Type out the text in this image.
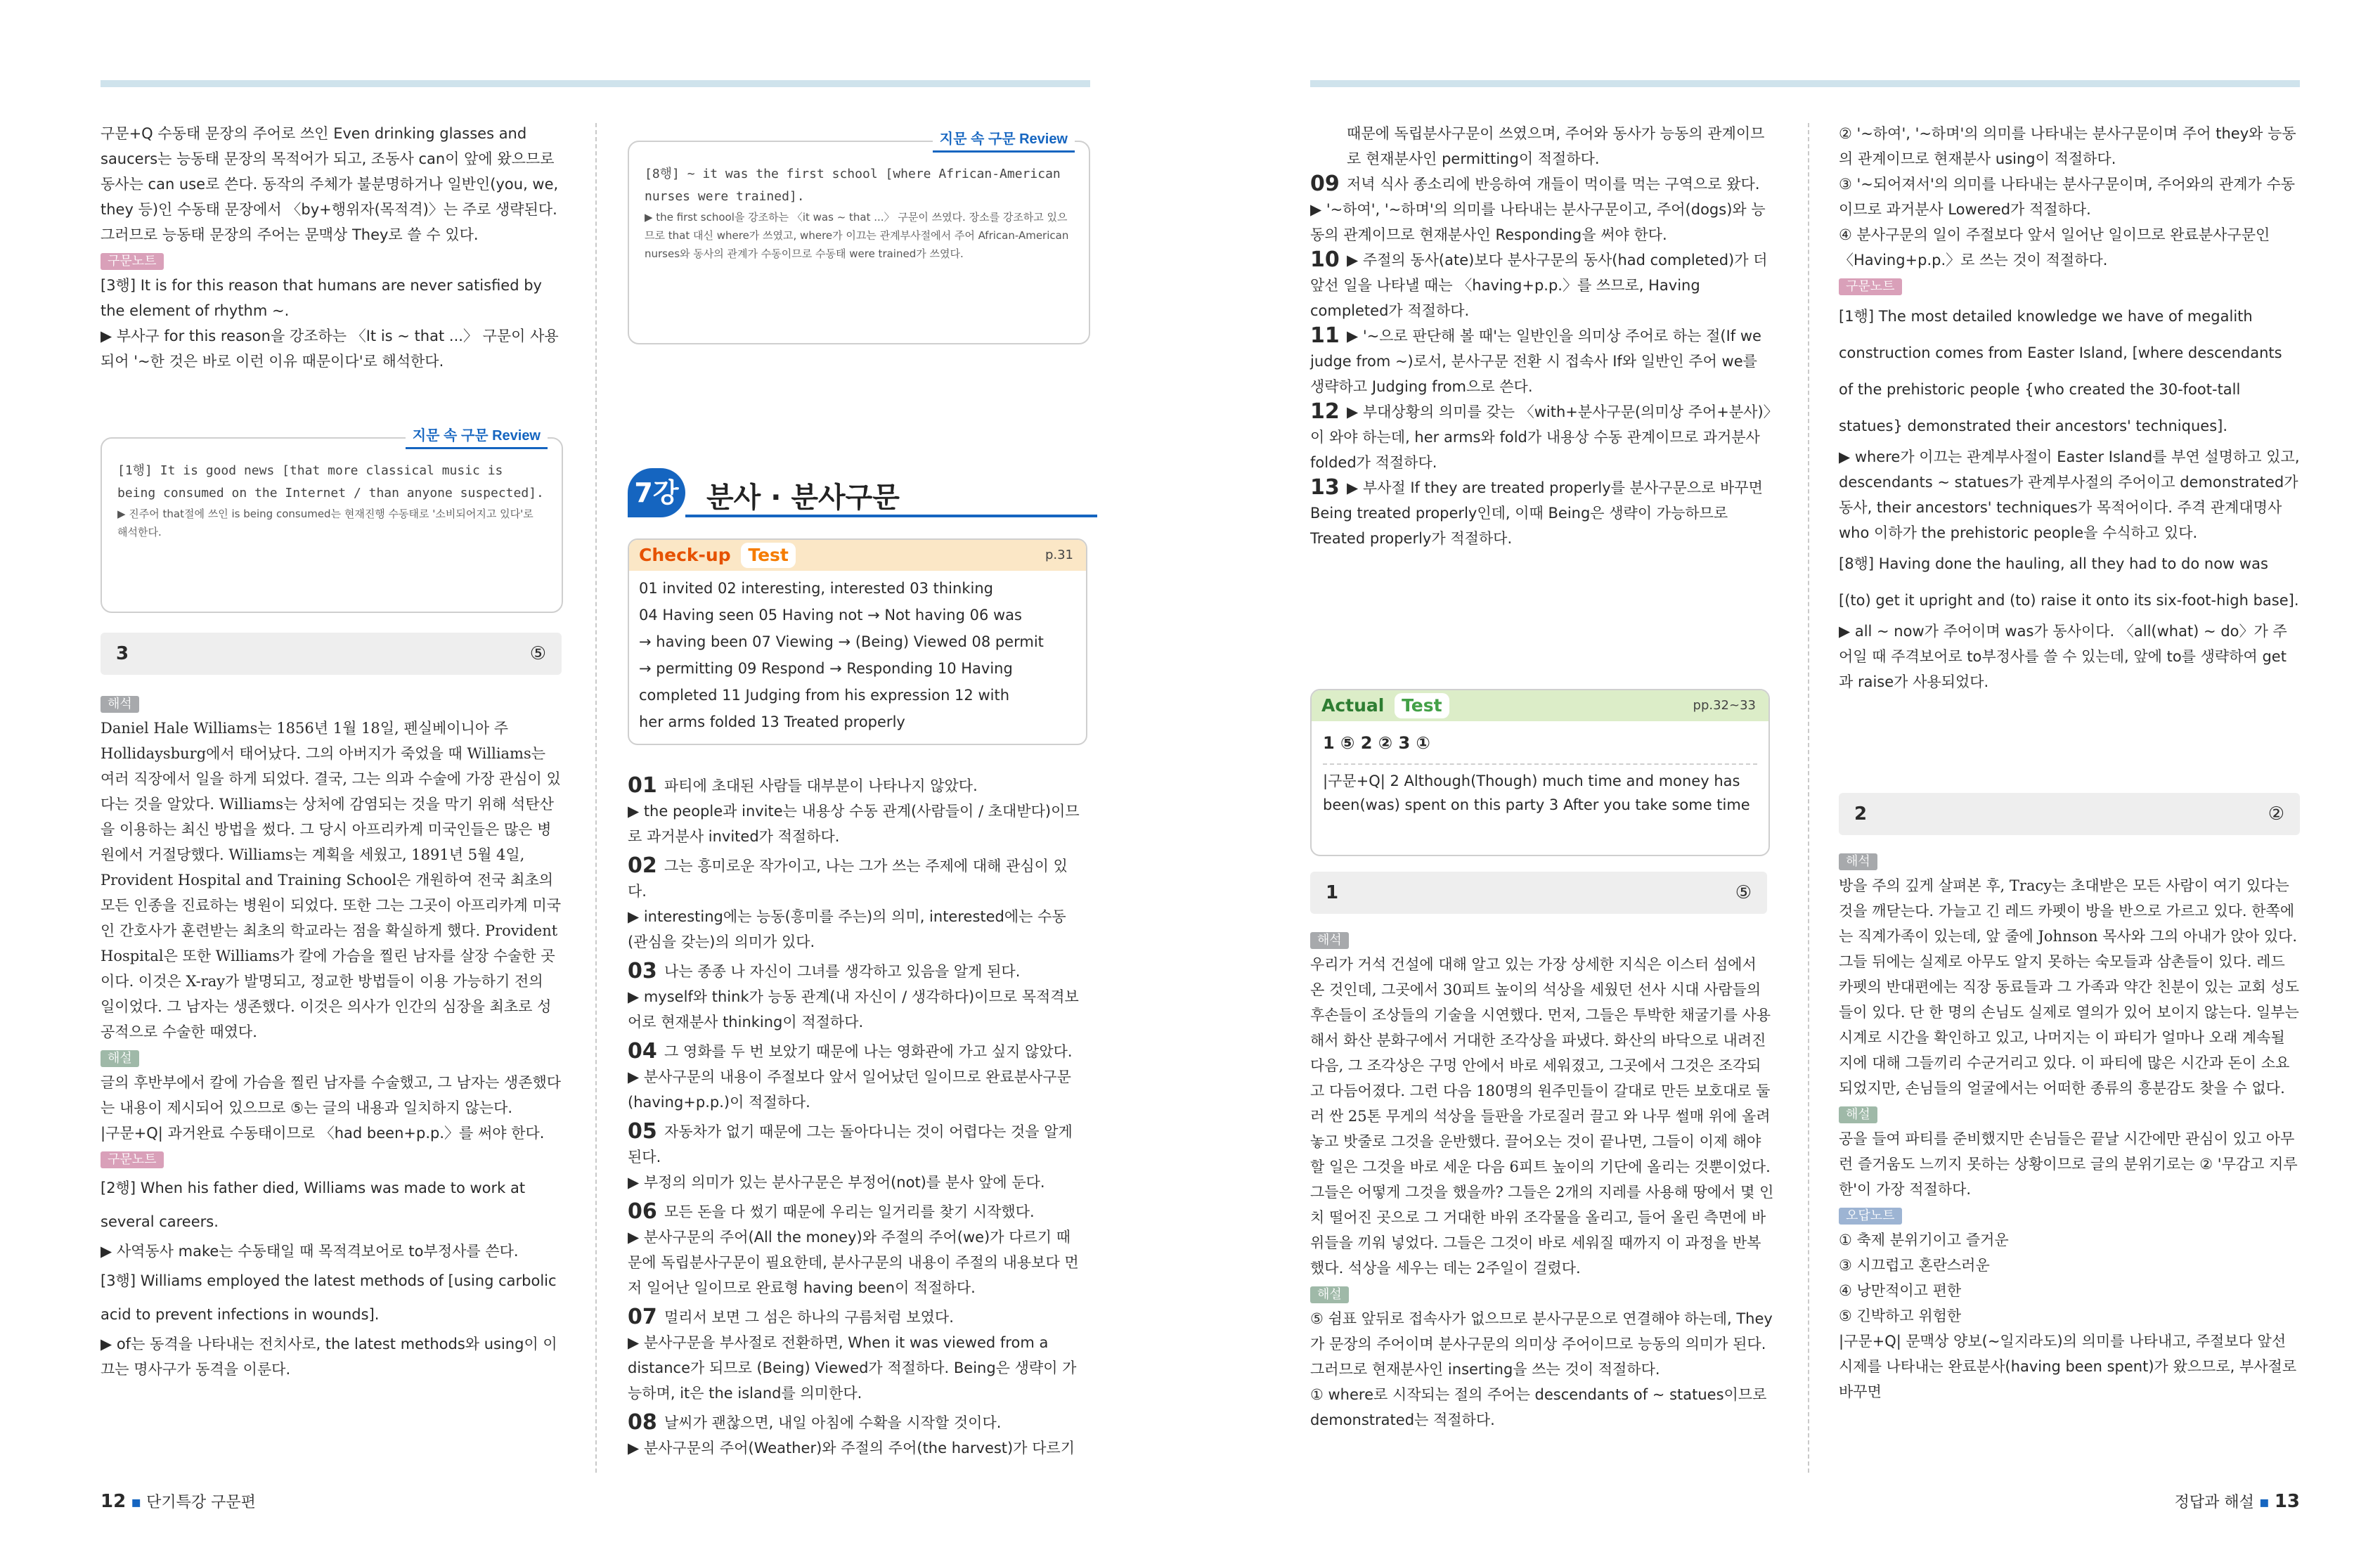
구문+Q 수동태 문장의 주어로 쓰인 Even drinking glasses and saucers는 능동태 문장의 목적어가 되고, 조동사 can이 앞에 왔으므로 동사는 can use로 쓴다. 동작의 주체가 불분명하거나 일반인(you, we, they 등)인 수동태 문장에서 〈by+행위자(목적격)〉는 주로 생략된다. 그러므로 능동태 문장의 주어는 문맥상 They로 쓸 수 있다.

구문노트

[3행] It is for this reason that humans are never satisfied by the element of rhythm ~.

▶ 부사구 for this reason을 강조하는 〈It is ~ that ...〉 구문이 사용되어 '~한 것은 바로 이런 이유 때문이다'로 해석한다.

지문 속 구문 Review
[1행] It is good news [that more classical music is being consumed on the Internet / than anyone suspected].
▶ 진주어 that절에 쓰인 is being consumed는 현재진행 수동태로 '소비되어지고 있다'로 해석한다.
3	⑤
해석

Daniel Hale Williams는 1856년 1월 18일, 펜실베이니아 주 Hollidaysburg에서 태어났다. 그의 아버지가 죽었을 때 Williams는 여러 직장에서 일을 하게 되었다. 결국, 그는 의과 수술에 가장 관심이 있다는 것을 알았다. Williams는 상처에 감염되는 것을 막기 위해 석탄산을 이용하는 최신 방법을 썼다. 그 당시 아프리카계 미국인들은 많은 병원에서 거절당했다. Williams는 계획을 세웠고, 1891년 5월 4일, Provident Hospital and Training School은 개원하여 전국 최초의 모든 인종을 진료하는 병원이 되었다. 또한 그는 그곳이 아프리카계 미국인 간호사가 훈련받는 최초의 학교라는 점을 확실하게 했다. Provident Hospital은 또한 Williams가 칼에 가슴을 찔린 남자를 살장 수술한 곳이다. 이것은 X-ray가 발명되고, 정교한 방법들이 이용 가능하기 전의 일이었다. 그 남자는 생존했다. 이것은 의사가 인간의 심장을 최초로 성공적으로 수술한 때였다.

해설

글의 후반부에서 칼에 가슴을 찔린 남자를 수술했고, 그 남자는 생존했다는 내용이 제시되어 있으므로 ⑤는 글의 내용과 일치하지 않는다.

|구문+Q| 과거완료 수동태이므로 〈had been+p.p.〉를 써야 한다.

구문노트

[2행] When his father died, Williams was made to work at several careers.

▶ 사역동사 make는 수동태일 때 목적격보어로 to부정사를 쓴다.

[3행] Williams employed the latest methods of [using carbolic acid to prevent infections in wounds].

▶ of는 동격을 나타내는 전치사로, the latest methods와 using이 이끄는 명사구가 동격을 이룬다.

지문 속 구문 Review
[8행] ~ it was the first school [where African-American nurses were trained].
▶ the first school을 강조하는 〈it was ~ that ...〉 구문이 쓰였다. 장소를 강조하고 있으므로 that 대신 where가 쓰였고, where가 이끄는 관계부사절에서 주어 African-American nurses와 동사의 관계가 수동이므로 수동태 were trained가 쓰였다.
7강 분사 · 분사구문
Check-up Test	p.31
01 invited 02 interesting, interested 03 thinking
04 Having seen 05 Having not → Not having 06 was
→ having been 07 Viewing → (Being) Viewed 08 permit
→ permitting 09 Respond → Responding 10 Having
completed 11 Judging from his expression 12 with
her arms folded 13 Treated properly
01 파티에 초대된 사람들 대부분이 나타나지 않았다.
▶ the people과 invite는 내용상 수동 관계(사람들이 / 초대받다)이므로 과거분사 invited가 적절하다.
02 그는 흥미로운 작가이고, 나는 그가 쓰는 주제에 대해 관심이 있다.
▶ interesting에는 능동(흥미를 주는)의 의미, interested에는 수동(관심을 갖는)의 의미가 있다.
03 나는 종종 나 자신이 그녀를 생각하고 있음을 알게 된다.
▶ myself와 think가 능동 관계(내 자신이 / 생각하다)이므로 목적격보어로 현재분사 thinking이 적절하다.
04 그 영화를 두 번 보았기 때문에 나는 영화관에 가고 싶지 않았다.
▶ 분사구문의 내용이 주절보다 앞서 일어났던 일이므로 완료분사구문(having+p.p.)이 적절하다.
05 자동차가 없기 때문에 그는 돌아다니는 것이 어렵다는 것을 알게 된다.
▶ 부정의 의미가 있는 분사구문은 부정어(not)를 분사 앞에 둔다.
06 모든 돈을 다 썼기 때문에 우리는 일거리를 찾기 시작했다.
▶ 분사구문의 주어(All the money)와 주절의 주어(we)가 다르기 때문에 독립분사구문이 필요한데, 분사구문의 내용이 주절의 내용보다 먼저 일어난 일이므로 완료형 having been이 적절하다.
07 멀리서 보면 그 섬은 하나의 구름처럼 보였다.
▶ 분사구문을 부사절로 전환하면, When it was viewed from a distance가 되므로 (Being) Viewed가 적절하다. Being은 생략이 가능하며, it은 the island를 의미한다.
08 날씨가 괜찮으면, 내일 아침에 수확을 시작할 것이다.
▶ 분사구문의 주어(Weather)와 주절의 주어(the harvest)가 다르기
12 ▪ 단기특강 구문편

때문에 독립분사구문이 쓰였으며, 주어와 동사가 능동의 관계이므로 현재분사인 permitting이 적절하다.

09 저녁 식사 종소리에 반응하여 개들이 먹이를 먹는 구역으로 왔다.
▶ '~하여', '~하며'의 의미를 나타내는 분사구문이고, 주어(dogs)와 능동의 관계이므로 현재분사인 Responding을 써야 한다.
10 ▶ 주절의 동사(ate)보다 분사구문의 동사(had completed)가 더 앞선 일을 나타낼 때는 〈having+p.p.〉를 쓰므로, Having completed가 적절하다.
11 ▶ '~으로 판단해 볼 때'는 일반인을 의미상 주어로 하는 절(If we judge from ~)로서, 분사구문 전환 시 접속사 If와 일반인 주어 we를 생략하고 Judging from으로 쓴다.
12 ▶ 부대상황의 의미를 갖는 〈with+분사구문(의미상 주어+분사)〉이 와야 하는데, her arms와 fold가 내용상 수동 관계이므로 과거분사 folded가 적절하다.
13 ▶ 부사절 If they are treated properly를 분사구문으로 바꾸면 Being treated properly인데, 이때 Being은 생략이 가능하므로 Treated properly가 적절하다.
Actual Test	pp.32~33
1 ⑤ 2 ② 3 ①
|구문+Q| 2 Although(Though) much time and money has been(was) spent on this party 3 After you take some time
1	⑤
해석

우리가 거석 건설에 대해 알고 있는 가장 상세한 지식은 이스터 섬에서 온 것인데, 그곳에서 30피트 높이의 석상을 세웠던 선사 시대 사람들의 후손들이 조상들의 기술을 시연했다. 먼저, 그들은 투박한 채굴기를 사용해서 화산 분화구에서 거대한 조각상을 파냈다. 화산의 바닥으로 내려진 다음, 그 조각상은 구멍 안에서 바로 세워졌고, 그곳에서 그것은 조각되고 다듬어졌다. 그런 다음 180명의 원주민들이 갈대로 만든 보호대로 둘러 싼 25톤 무게의 석상을 들판을 가로질러 끌고 와 나무 썰매 위에 올려놓고 밧줄로 그것을 운반했다. 끌어오는 것이 끝나면, 그들이 이제 해야 할 일은 그것을 바로 세운 다음 6피트 높이의 기단에 올리는 것뿐이었다. 그들은 어떻게 그것을 했을까? 그들은 2개의 지레를 사용해 땅에서 몇 인치 떨어진 곳으로 그 거대한 바위 조각물을 올리고, 들어 올린 측면에 바위들을 끼워 넣었다. 그들은 그것이 바로 세워질 때까지 이 과정을 반복했다. 석상을 세우는 데는 2주일이 걸렸다.

해설

⑤ 쉼표 앞뒤로 접속사가 없으므로 분사구문으로 연결해야 하는데, They가 문장의 주어이며 분사구문의 의미상 주어이므로 능동의 의미가 된다. 그러므로 현재분사인 inserting을 쓰는 것이 적절하다.

① where로 시작되는 절의 주어는 descendants of ~ statues이므로 demonstrated는 적절하다.

② '~하여', '~하며'의 의미를 나타내는 분사구문이며 주어 they와 능동의 관계이므로 현재분사 using이 적절하다.

③ '~되어져서'의 의미를 나타내는 분사구문이며, 주어와의 관계가 수동이므로 과거분사 Lowered가 적절하다.

④ 분사구문의 일이 주절보다 앞서 일어난 일이므로 완료분사구문인 〈Having+p.p.〉로 쓰는 것이 적절하다.

구문노트

[1행] The most detailed knowledge we have of megalith construction comes from Easter Island, [where descendants of the prehistoric people {who created the 30-foot-tall statues} demonstrated their ancestors' techniques].

▶ where가 이끄는 관계부사절이 Easter Island를 부연 설명하고 있고, descendants ~ statues가 관계부사절의 주어이고 demonstrated가 동사, their ancestors' techniques가 목적어이다. 주격 관계대명사 who 이하가 the prehistoric people을 수식하고 있다.

[8행] Having done the hauling, all they had to do now was [(to) get it upright and (to) raise it onto its six-foot-high base].

▶ all ~ now가 주어이며 was가 동사이다. 〈all(what) ~ do〉가 주어일 때 주격보어로 to부정사를 쓸 수 있는데, 앞에 to를 생략하여 get과 raise가 사용되었다.

2	②
해석

방을 주의 깊게 살펴본 후, Tracy는 초대받은 모든 사람이 여기 있다는 것을 깨닫는다. 가늘고 긴 레드 카펫이 방을 반으로 가르고 있다. 한쪽에는 직계가족이 있는데, 앞 줄에 Johnson 목사와 그의 아내가 앉아 있다. 그들 뒤에는 실제로 아무도 알지 못하는 숙모들과 삼촌들이 있다. 레드 카펫의 반대편에는 직장 동료들과 그 가족과 약간 친분이 있는 교회 성도들이 있다. 단 한 명의 손님도 실제로 열의가 있어 보이지 않는다. 일부는 시계로 시간을 확인하고 있고, 나머지는 이 파티가 얼마나 오래 계속될 지에 대해 그들끼리 수군거리고 있다. 이 파티에 많은 시간과 돈이 소요되었지만, 손님들의 얼굴에서는 어떠한 종류의 흥분감도 찾을 수 없다.

해설

공을 들여 파티를 준비했지만 손님들은 끝날 시간에만 관심이 있고 아무런 즐거움도 느끼지 못하는 상황이므로 글의 분위기로는 ② '무감고 지루한'이 가장 적절하다.

오답노트

① 축제 분위기이고 즐거운

③ 시끄럽고 혼란스러운

④ 낭만적이고 편한

⑤ 긴박하고 위험한

|구문+Q| 문맥상 양보(~일지라도)의 의미를 나타내고, 주절보다 앞선 시제를 나타내는 완료분사(having been spent)가 왔으므로, 부사절로 바꾸면

정답과 해설 ▪ 13
